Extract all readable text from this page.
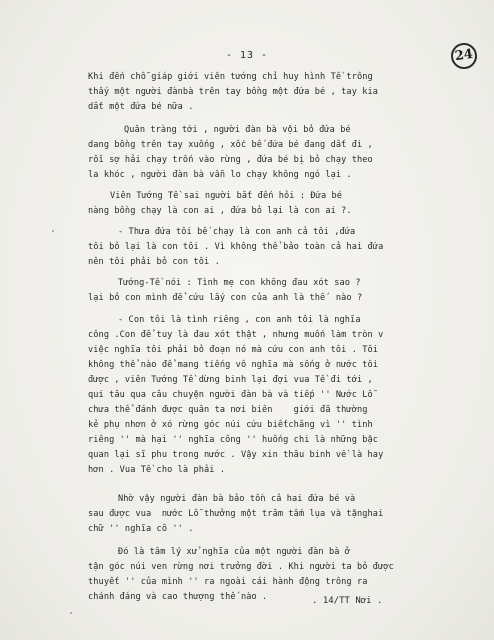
- 13 -	24
Khi đến chỗ giáp giới viên tướng chỉ huy hình Tề trông
thấy một người đànbà trên tay bồng một đứa bé , tay kia
dắt một đứa bé nữa .
Quân tràng tới , người đàn bà vội bỏ đứa bé
dang bồng trên tay xuống , xốc bế đứa bé đang dắt đi ,
rồi sợ hải chạy trốn vào rừng , đứa bé bị bỏ chạy theo
la khóc , người đàn bà vẫn lo chạy không ngó lại .
Viên Tướng Tề sai người bắt đến hỏi : Đứa bé
nàng bồng chạy là con ai , đứa bỏ lại là con ai ?.
- Thưa đứa tôi bế chạy là con anh cả tôi ,đứa
tôi bỏ lại là con tôi . Vì không thể bảo toàn cả hai đứa
nên tôi phải bỏ con tôi .
Tướng-Tề nói : Tình mẹ con không đau xót sao ?
lại bỏ con mình để cứu lấy con của anh là thế  nào ?
- Con tôi là tình riêng , con anh tôi là nghĩa
công .Con để tuy là đau xót thật , nhưng muốn làm tròn v
việc nghĩa tôi phải bỏ đoạn nó mà cứu con anh tôi . Tôi
không thể nào để mang tiếng vô nghĩa mà sống ở nước tôi
được , viên Tướng Tề dừng binh lại đợi vua Tề đi tới ,
qui tâu qua câu chuyện người đàn bà và tiếp '' Nước Lỗ
chưa thể đánh được quân ta nơi biên    giới đã thường
kẻ phụ nhơn ở xó rừng góc núi cứu biếtchăng vì '' tình
riêng '' mà hại '' nghĩa công '' huống chi là những bậc
quan lại sĩ phu trong nước . Vậy xin thâu binh về là hay
hơn . Vua Tề cho là phải .
Nhờ vậy người đàn bà bảo tồn cả hai đứa bé và
sau được vua  nước Lỗ thưởng một trăm tấm lụa và tặnghai
chữ '' nghĩa cô '' .
Đó là tâm lý xử nghĩa của một người đàn bà ở
tận góc núi ven rừng nơi trưởng đời . Khi người ta bỏ được
thuyết '' của mình '' ra ngoài cái hành động trông ra
chánh đáng và cao thượng thế nào .	. 14/TT Nơi .
